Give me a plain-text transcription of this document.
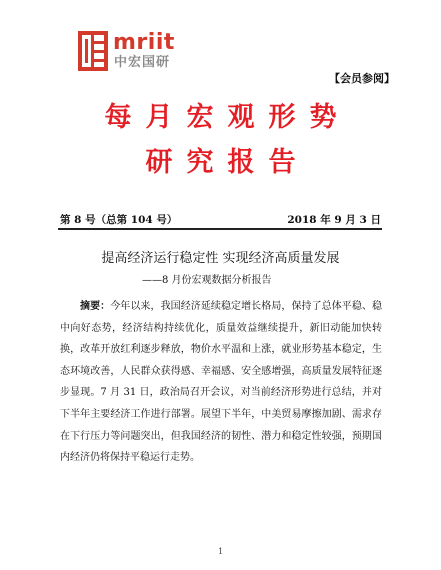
mriit
中宏国研
【会员参阅】
每月宏观形势
研究报告
第 8 号（总第 104 号）	2018 年 9 月 3 日
提高经济运行稳定性 实现经济高质量发展
——8 月份宏观数据分析报告

摘要：今年以来，我国经济延续稳定增长格局，保持了总体平稳、稳中向好态势，经济结构持续优化，质量效益继续提升，新旧动能加快转换，改革开放红利逐步释放，物价水平温和上涨，就业形势基本稳定，生态环境改善，人民群众获得感、幸福感、安全感增强，高质量发展特征逐步显现。7 月 31 日，政治局召开会议，对当前经济形势进行总结，并对下半年主要经济工作进行部署。展望下半年，中美贸易摩擦加剧、需求存在下行压力等问题突出，但我国经济的韧性、潜力和稳定性较强，预期国内经济仍将保持平稳运行走势。

1
